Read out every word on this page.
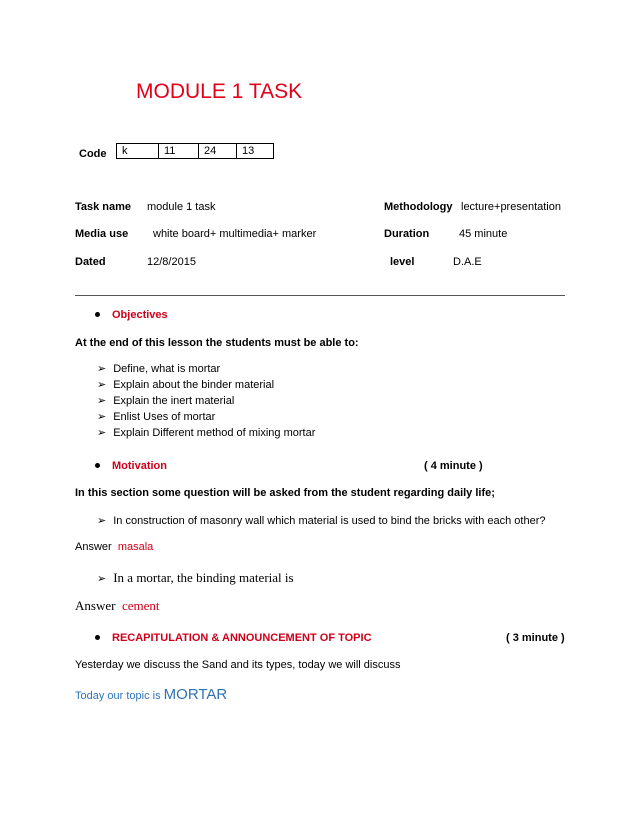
MODULE 1 TASK
Code k	11	24	13
Task name module 1 task	Methodology lecture+presentation
Media use white board+ multimedia+ marker	Duration	45 minute
Dated	12/8/2015	level	D.A.E
Objectives
At the end of this lesson the students must be able to:
➢ Define, what is mortar
➢ Explain about the binder material
➢ Explain the inert material
➢ Enlist Uses of mortar
➢ Explain Different method of mixing mortar
Motivation	( 4 minute )
In this section some question will be asked from the student regarding daily life;
➢ In construction of masonry wall which material is used to bind the bricks with each other?
Answer masala
➢ In a mortar, the binding material is
Answer cement
RECAPITULATION & ANNOUNCEMENT OF TOPIC	( 3 minute )
Yesterday we discuss the Sand and its types, today we will discuss
Today our topic is MORTAR
